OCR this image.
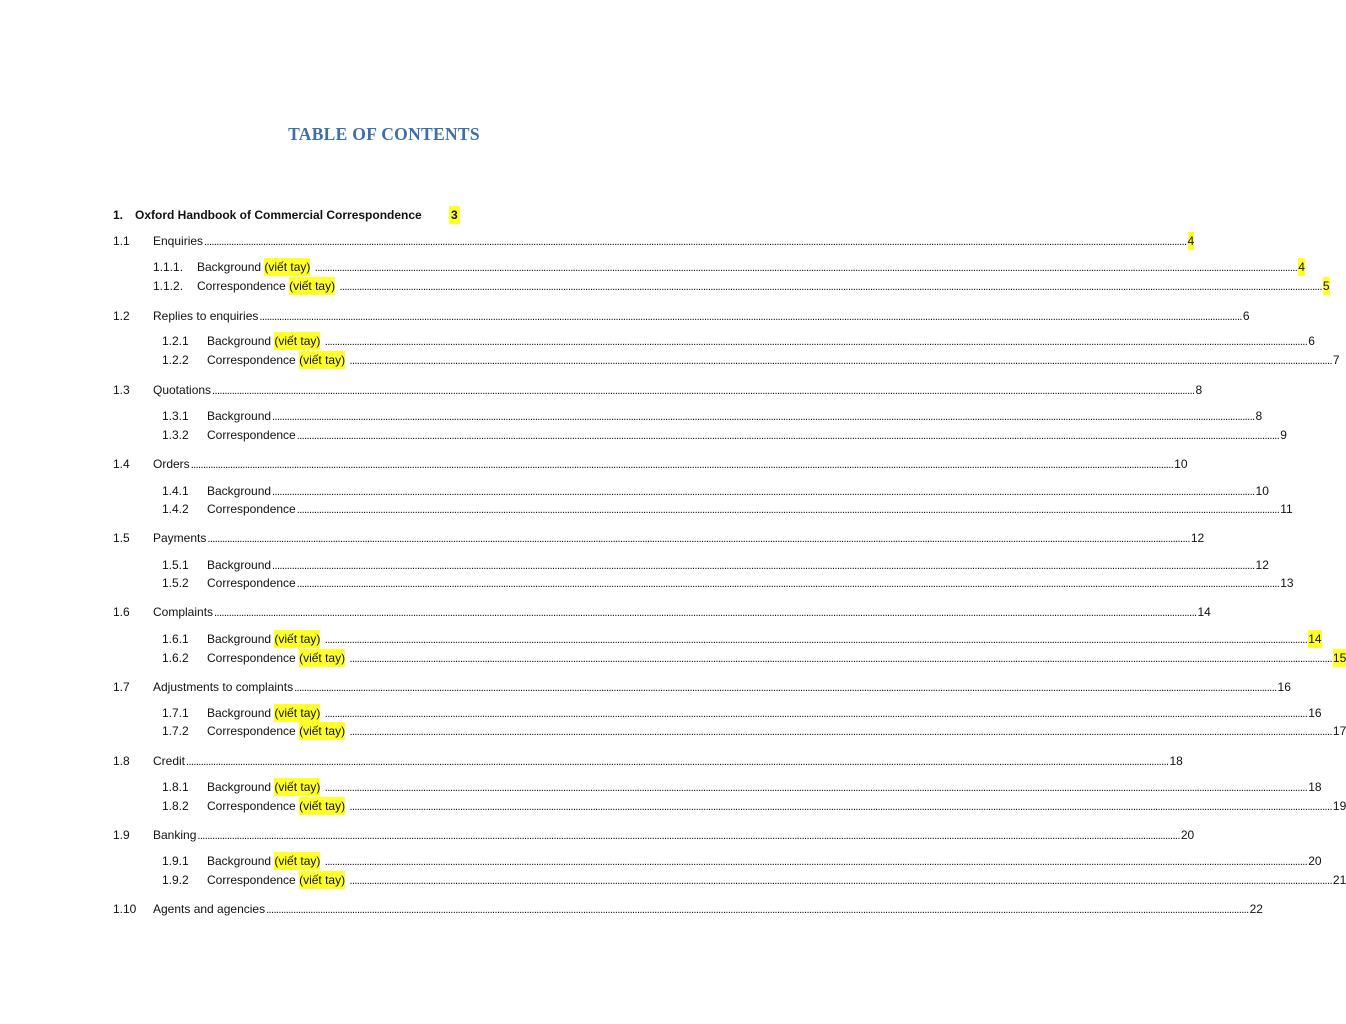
TABLE OF CONTENTS
1. Oxford Handbook of Commercial Correspondence 3
1.1 Enquiries ................................................................................................................................................................................................................................................................................................................................................................................................................ 4
1.1.1. Background
(viết tay)
................................................................................................................................................................................................................................................................................................................................................................................................................ 4
1.1.2. Correspondence
(viết tay)
................................................................................................................................................................................................................................................................................................................................................................................................................ 5
1.2 Replies to enquiries ................................................................................................................................................................................................................................................................................................................................................................................................................ 6
1.2.1 Background
(viết tay)
................................................................................................................................................................................................................................................................................................................................................................................................................ 6
1.2.2 Correspondence
(viết tay)
................................................................................................................................................................................................................................................................................................................................................................................................................ 7
1.3 Quotations ................................................................................................................................................................................................................................................................................................................................................................................................................ 8
1.3.1 Background ................................................................................................................................................................................................................................................................................................................................................................................................................ 8
1.3.2 Correspondence ................................................................................................................................................................................................................................................................................................................................................................................................................ 9
1.4 Orders ................................................................................................................................................................................................................................................................................................................................................................................................................ 10
1.4.1 Background ................................................................................................................................................................................................................................................................................................................................................................................................................ 10
1.4.2 Correspondence ................................................................................................................................................................................................................................................................................................................................................................................................................ 11
1.5 Payments ................................................................................................................................................................................................................................................................................................................................................................................................................ 12
1.5.1 Background ................................................................................................................................................................................................................................................................................................................................................................................................................ 12
1.5.2 Correspondence ................................................................................................................................................................................................................................................................................................................................................................................................................ 13
1.6 Complaints ................................................................................................................................................................................................................................................................................................................................................................................................................ 14
1.6.1 Background
(viết tay)
................................................................................................................................................................................................................................................................................................................................................................................................................ 14
1.6.2 Correspondence
(viết tay)
................................................................................................................................................................................................................................................................................................................................................................................................................ 15
1.7 Adjustments to complaints ................................................................................................................................................................................................................................................................................................................................................................................................................ 16
1.7.1 Background
(viết tay)
................................................................................................................................................................................................................................................................................................................................................................................................................ 16
1.7.2 Correspondence
(viết tay)
................................................................................................................................................................................................................................................................................................................................................................................................................ 17
1.8 Credit ................................................................................................................................................................................................................................................................................................................................................................................................................ 18
1.8.1 Background
(viết tay)
................................................................................................................................................................................................................................................................................................................................................................................................................ 18
1.8.2 Correspondence
(viết tay)
................................................................................................................................................................................................................................................................................................................................................................................................................ 19
1.9 Banking ................................................................................................................................................................................................................................................................................................................................................................................................................ 20
1.9.1 Background
(viết tay)
................................................................................................................................................................................................................................................................................................................................................................................................................ 20
1.9.2 Correspondence
(viết tay)
................................................................................................................................................................................................................................................................................................................................................................................................................ 21
1.10 Agents and agencies ................................................................................................................................................................................................................................................................................................................................................................................................................ 22
